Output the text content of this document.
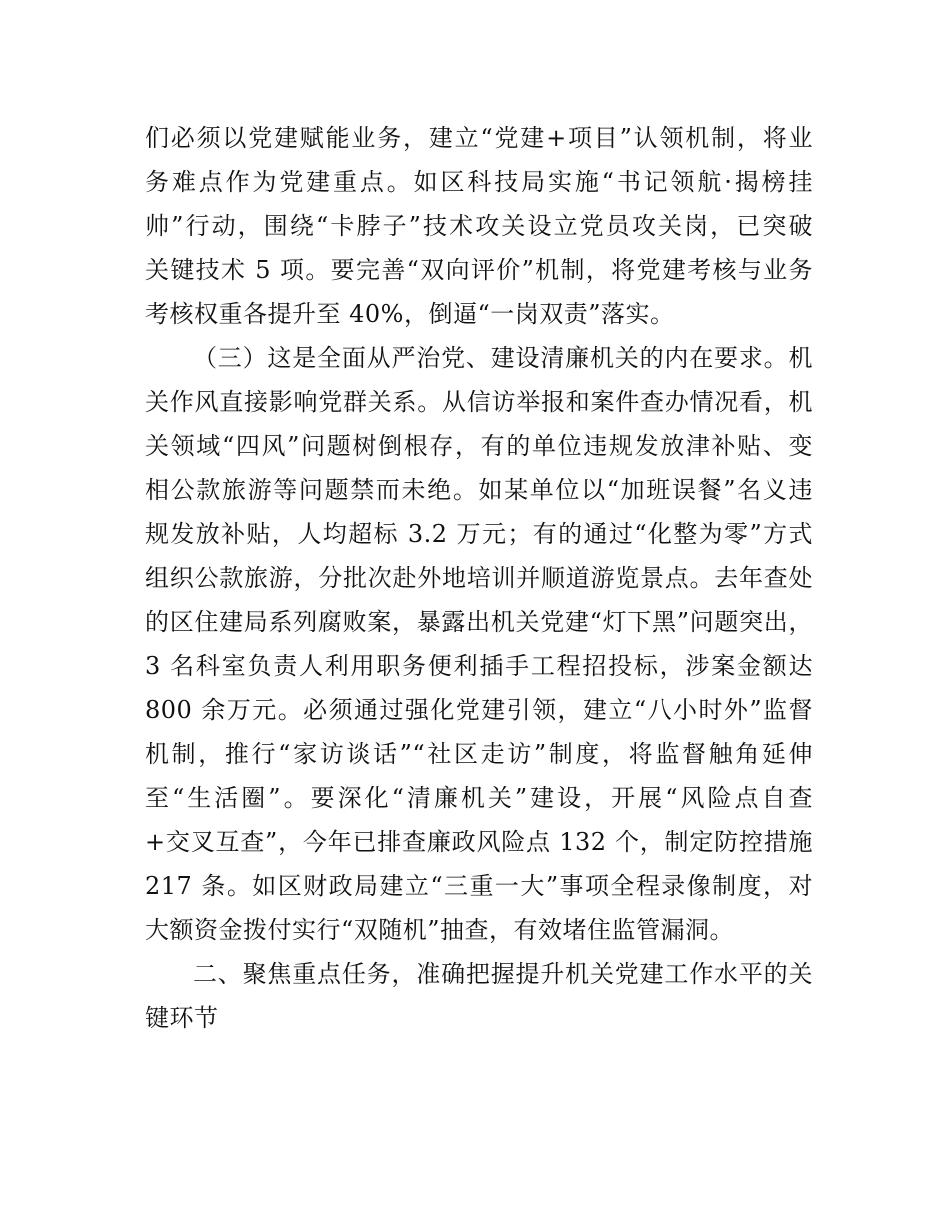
们必须以党建赋能业务，建立“党建+项目”认领机制，将业
务难点作为党建重点。如区科技局实施“书记领航·揭榜挂
帅”行动，围绕“卡脖子”技术攻关设立党员攻关岗，已突破
关键技术 5 项。要完善“双向评价”机制，将党建考核与业务
考核权重各提升至 40%，倒逼“一岗双责”落实。
（三）这是全面从严治党、建设清廉机关的内在要求。机
关作风直接影响党群关系。从信访举报和案件查办情况看，机
关领域“四风”问题树倒根存，有的单位违规发放津补贴、变
相公款旅游等问题禁而未绝。如某单位以“加班误餐”名义违
规发放补贴，人均超标 3.2 万元；有的通过“化整为零”方式
组织公款旅游，分批次赴外地培训并顺道游览景点。去年查处
的区住建局系列腐败案，暴露出机关党建“灯下黑”问题突出，
3 名科室负责人利用职务便利插手工程招投标，涉案金额达
800 余万元。必须通过强化党建引领，建立“八小时外”监督
机制，推行“家访谈话”“社区走访”制度，将监督触角延伸
至“生活圈”。要深化“清廉机关”建设，开展“风险点自查
+交叉互查”，今年已排查廉政风险点 132 个，制定防控措施
217 条。如区财政局建立“三重一大”事项全程录像制度，对
大额资金拨付实行“双随机”抽查，有效堵住监管漏洞。
二、聚焦重点任务，准确把握提升机关党建工作水平的关
键环节
